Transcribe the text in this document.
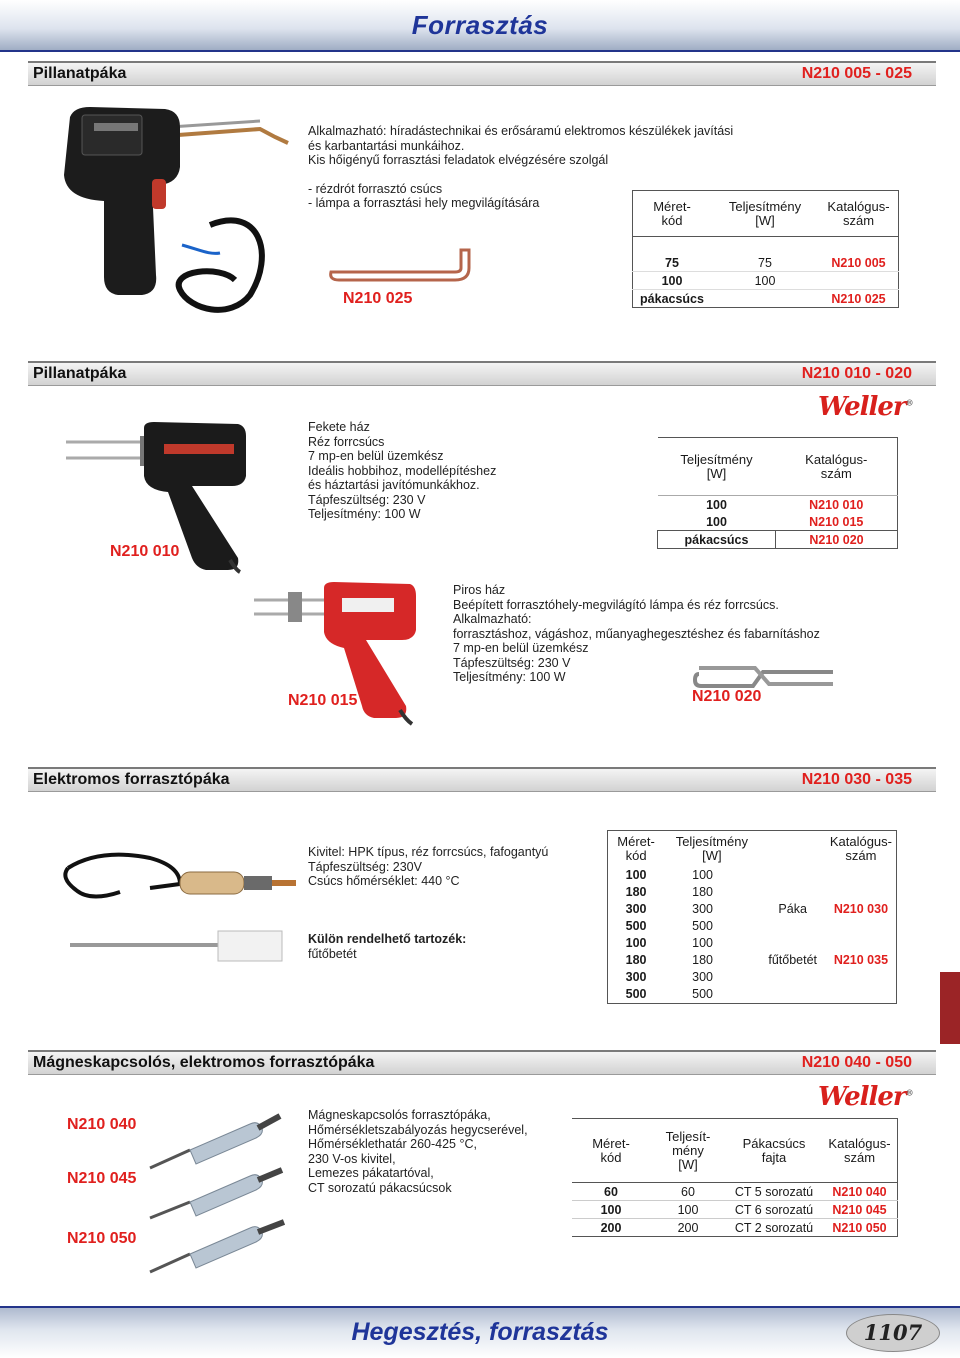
Forrasztás
Pillanatpáka	N210 005 - 025
N210 025
Alkalmazható: híradástechnikai és erősáramú elektromos készülékek javítási
és karbantartási munkáihoz.
Kis hőigényű forrasztási feladatok elvégzésére szolgál
- rézdrót forrasztó csúcs
- lámpa a forrasztási hely megvilágítására	Méret-
kód	Teljesítmény
[W]	Katalógus-
szám

75	75	N210 005
100	100	
pákacsúcs		N210 025
Pillanatpáka	N210 010 - 020
Weller®
N210 010
Fekete ház
Réz forrcsúcs
7 mp-en belül üzemkész
Ideális hobbihoz, modellépítéshez
és háztartási javítómunkákhoz.
Tápfeszültség: 230 V
Teljesítmény: 100 W
Teljesítmény
[W]	Katalógus-
szám
100	N210 010
100	N210 015
pákacsúcs	N210 020
N210 015
Piros ház
Beépített forrasztóhely-megvilágító lámpa és réz forrcsúcs.
Alkalmazható:
forrasztáshoz, vágáshoz, műanyaghegesztéshez és fabarnításhoz
7 mp-en belül üzemkész
Tápfeszültség: 230 V
Teljesítmény: 100 W
N210 020
Elektromos forrasztópáka	N210 030 - 035
Kivitel: HPK típus, réz forrcsúcs, fafogantyú
Tápfeszültség: 230V
Csúcs hőmérséklet: 440 °C
Külön rendelhető tartozék:
fűtőbetét
Méret-
kód	Teljesítmény
[W]		Katalógus-
szám
100	100		
180	180		
300	300	Páka	N210 030
500	500		
100	100		
180	180	fűtőbetét	N210 035
300	300		
500	500		
Mágneskapcsolós, elektromos forrasztópáka	N210 040 - 050
Weller®
N210 040
N210 045
N210 050
Mágneskapcsolós forrasztópáka,
Hőmérsékletszabályozás hegycserével,
Hőmérséklethatár 260-425 °C,
230 V-os kivitel,
Lemezes pákatartóval,
CT sorozatú pákacsúcsok
Méret-
kód	Teljesít-
mény
[W]	Pákacsúcs
fajta	Katalógus-
szám
60	60	CT 5 sorozatú	N210 040
100	100	CT 6 sorozatú	N210 045
200	200	CT 2 sorozatú	N210 050
Hegesztés, forrasztás	1107
